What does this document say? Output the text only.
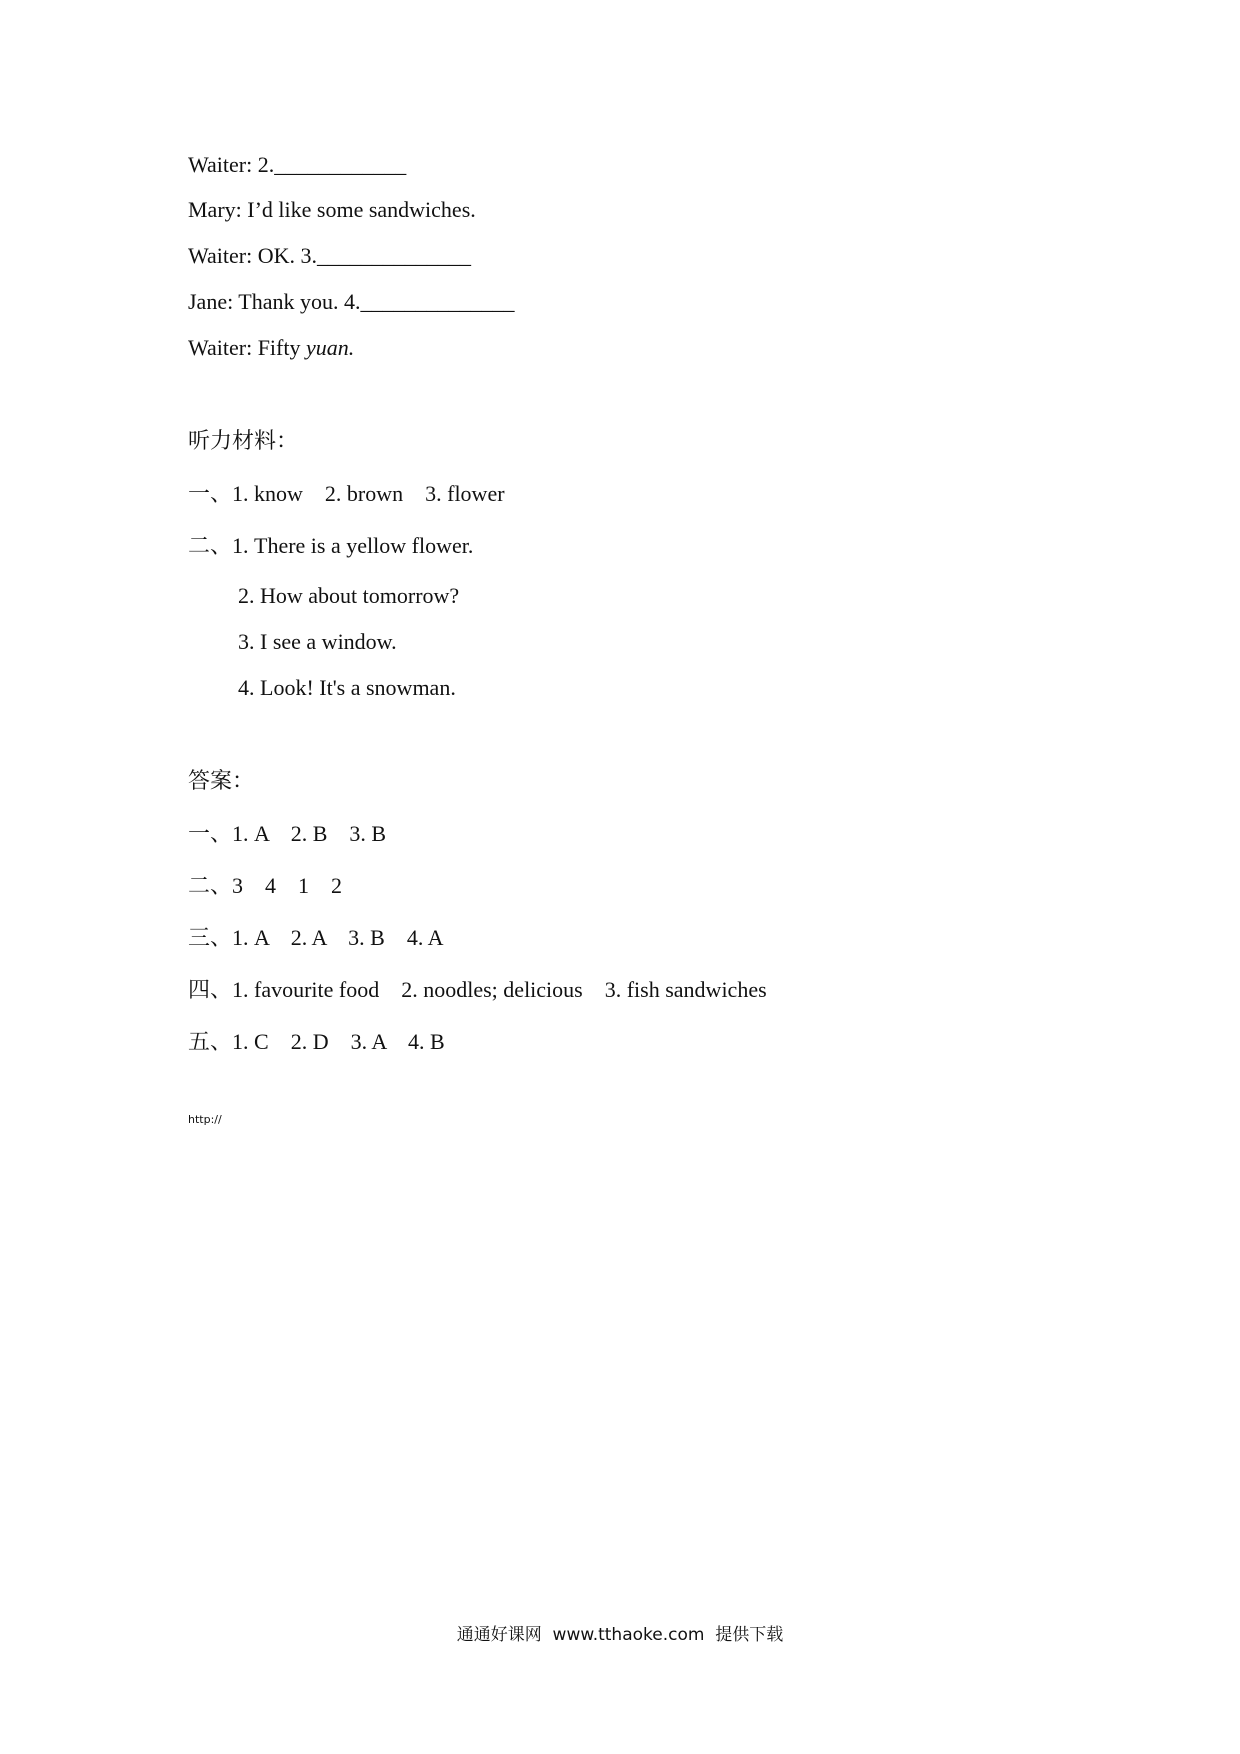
Waiter: 2.____________
Mary: I’d like some sandwiches.
Waiter: OK. 3.______________
Jane: Thank you. 4.______________
Waiter: Fifty yuan.
听力材料：
一、1. know    2. brown    3. flower
二、1. There is a yellow flower.
2. How about tomorrow?
3. I see a window.
4. Look! It's a snowman.
答案：
一、1. A    2. B    3. B
二、3    4    1    2
三、1. A    2. A    3. B    4. A
四、1. favourite food    2. noodles; delicious    3. fish sandwiches
五、1. C    2. D    3. A    4. B
http://
通通好课网  www.tthaoke.com  提供下载
